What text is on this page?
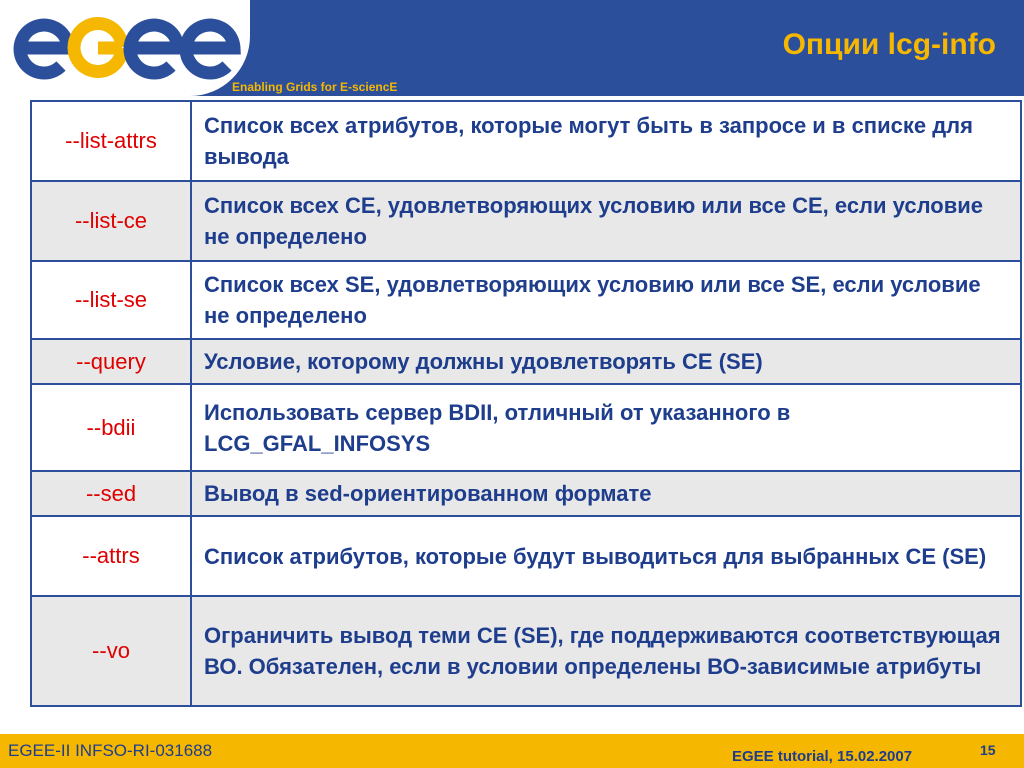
Enabling Grids for E-sciencE
Опции lcg-info
--list-attrs	Список всех атрибутов, которые могут быть в запросе и в списке для вывода
--list-ce	Список всех CE, удовлетворяющих условию или все CE, если условие не определено
--list-se	Список всех SE, удовлетворяющих условию или все SE, если условие не определено
--query	Условие, которому должны удовлетворять CE (SE)
--bdii	Использовать сервер BDII, отличный от указанного в
LCG_GFAL_INFOSYS
--sed	Вывод в sed-ориентированном формате
--attrs	Список атрибутов, которые будут выводиться для выбранных CE (SE)
--vo	Ограничить вывод теми CE (SE), где поддерживаются соответствующая ВО. Обязателен, если в условии определены ВО-зависимые атрибуты
EGEE-II INFSO-RI-031688	EGEE tutorial, 15.02.2007	15
